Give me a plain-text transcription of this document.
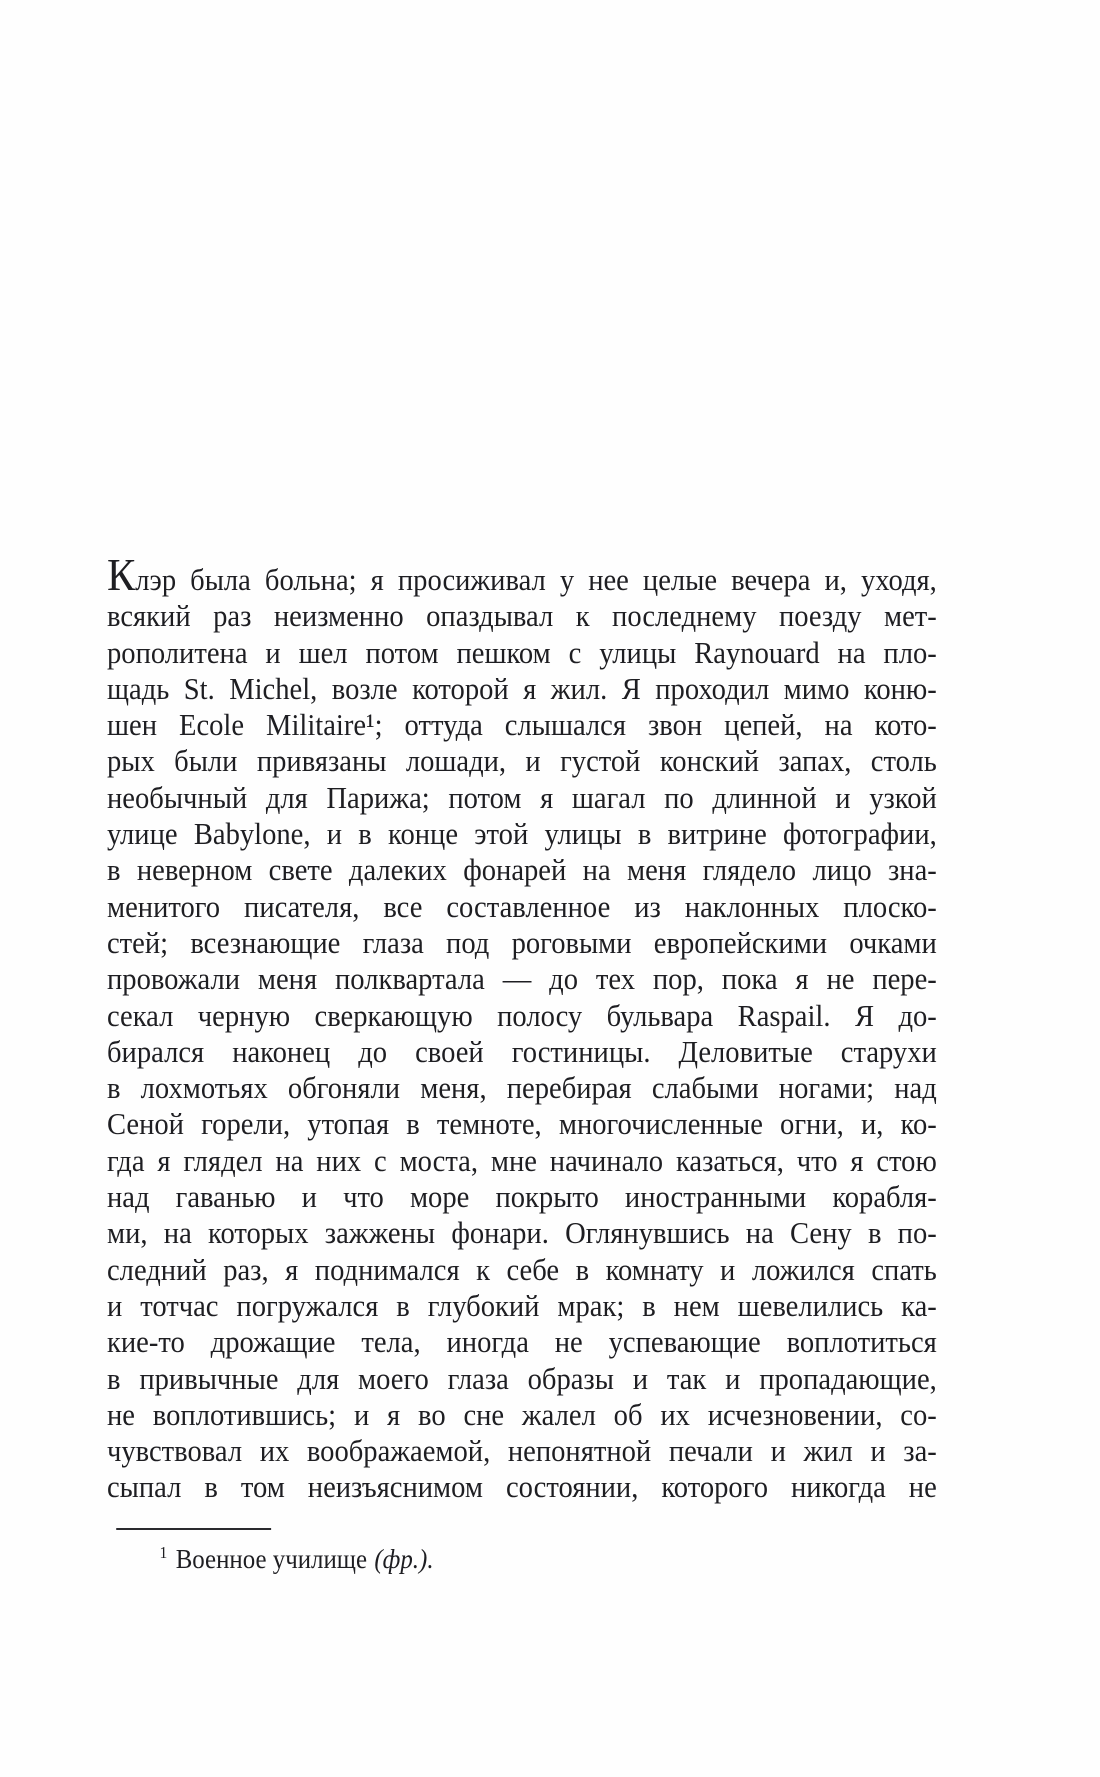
Клэр была больна; я просиживал у нее целые вечера и, уходя,
всякий раз неизменно опаздывал к последнему поезду мет-
рополитена и шел потом пешком с улицы Raynouard на пло-
щадь St. Michel, возле которой я жил. Я проходил мимо коню-
шен Ecole Militaire¹; оттуда слышался звон цепей, на кото-
рых были привязаны лошади, и густой конский запах, столь
необычный для Парижа; потом я шагал по длинной и узкой
улице Babylone, и в конце этой улицы в витрине фотографии,
в неверном свете далеких фонарей на меня глядело лицо зна-
менитого писателя, все составленное из наклонных плоско-
стей; всезнающие глаза под роговыми европейскими очками
провожали меня полквартала — до тех пор, пока я не пере-
секал черную сверкающую полосу бульвара Raspail. Я до-
бирался наконец до своей гостиницы. Деловитые старухи
в лохмотьях обгоняли меня, перебирая слабыми ногами; над
Сеной горели, утопая в темноте, многочисленные огни, и, ко-
гда я глядел на них с моста, мне начинало казаться, что я стою
над гаванью и что море покрыто иностранными корабля-
ми, на которых зажжены фонари. Оглянувшись на Сену в по-
следний раз, я поднимался к себе в комнату и ложился спать
и тотчас погружался в глубокий мрак; в нем шевелились ка-
кие-то дрожащие тела, иногда не успевающие воплотиться
в привычные для моего глаза образы и так и пропадающие,
не воплотившись; и я во сне жалел об их исчезновении, со-
чувствовал их воображаемой, непонятной печали и жил и за-
сыпал в том неизъяснимом состоянии, которого никогда не
$^1$ Военное училище (фр.).
